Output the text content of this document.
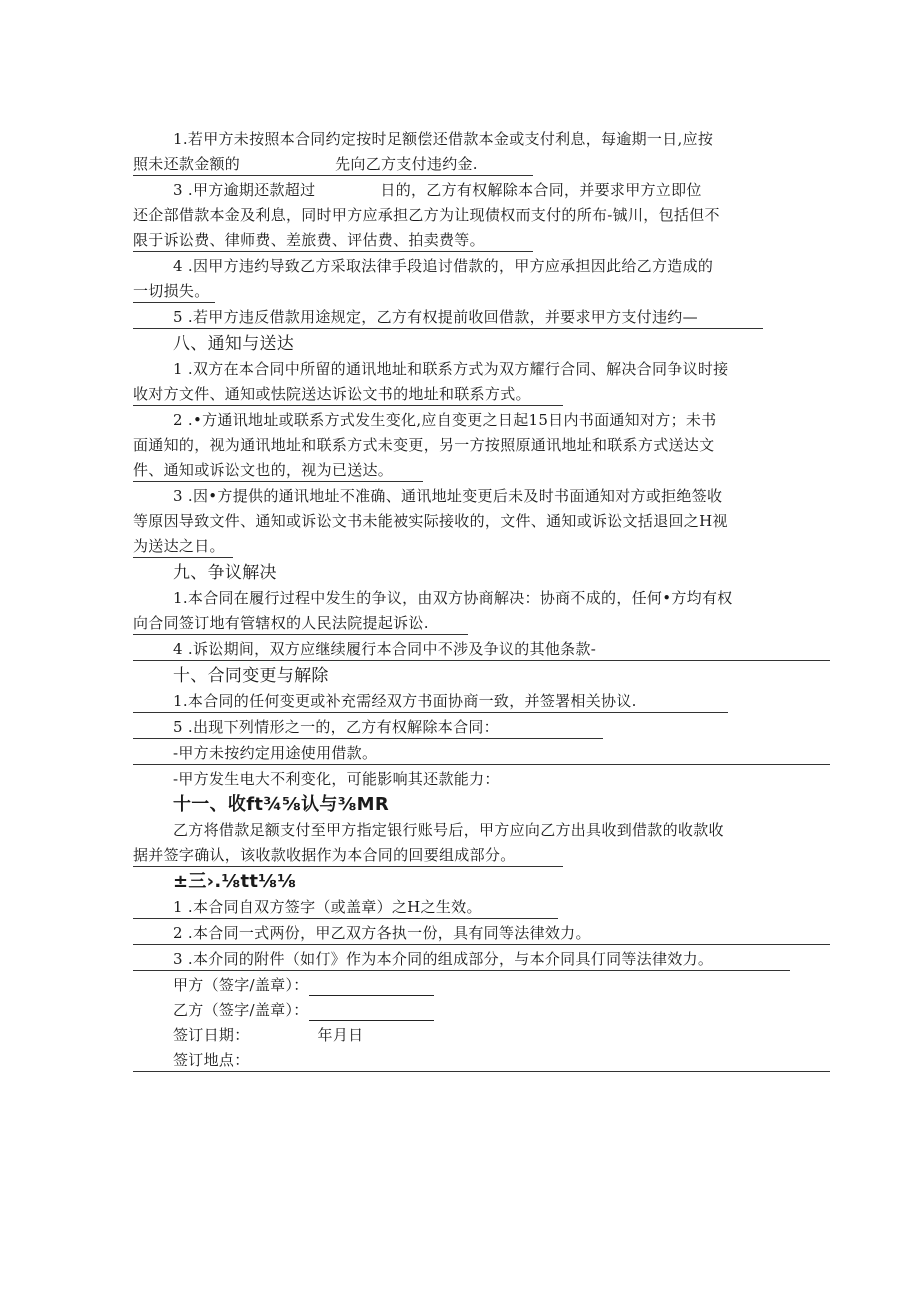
1.若甲方未按照本合同约定按时足额偿还借款本金或支付利息，每逾期一日,应按
照未还款金额的	先向乙方支付违约金.
3 .甲方逾期还款超过	日的，乙方有权解除本合同，并要求甲方立即位
还企部借款本金及利息，同时甲方应承担乙方为让现债权而支付的所布-铖川，包括但不
限于诉讼费、律师费、差旅费、评估费、拍卖费等。
4 .因甲方违约导致乙方采取法律手段追讨借款的，甲方应承担因此给乙方造成的
一切损失。
5 .若甲方违反借款用途规定，乙方有权提前收回借款，并要求甲方支付违约—
八、通知与送达
1 .双方在本合同中所留的通讯地址和联系方式为双方耀行合同、解决合同争议时接
收对方文件、通知或怯院送达诉讼文书的地址和联系方式。
2 .•方通讯地址或联系方式发生变化,应自变更之日起15日内书面通知对方；未书
面通知的，视为通讯地址和联系方式未变更，另一方按照原通讯地址和联系方式送达文
件、通知或诉讼文也的，视为已送达。
3 .因•方提供的通讯地址不准确、通讯地址变更后未及时书面通知对方或拒绝签收
等原因导致文件、通知或诉讼文书未能被实际接收的，文件、通知或诉讼文括退回之H视
为送达之日。
九、争议解决
1.本合同在履行过程中发生的争议，由双方协商解决：协商不成的，任何•方均有权
向合同签订地有管辖权的人民法院提起诉讼.
4 .诉讼期间，双方应继续履行本合同中不涉及争议的其他条款-
十、合同变更与解除
1.本合同的任何变更或补充需经双方书面协商一致，并签署相关协议.
5 .出现下列情形之一的，乙方有权解除本合同：
-甲方未按约定用途使用借款。
-甲方发生电大不利变化，可能影响其还款能力：
十一、收ft¾⅝认与⅜MR
乙方将借款足额支付至甲方指定银行账号后，甲方应向乙方出具收到借款的收款收
据并签字确认，该收款收据作为本合同的回要组成部分。
±三›.⅛tt⅛⅛
1 .本合同自双方签字（或盖章）之H之生效。
2 .本合同一式两份，甲乙双方各执一份，具有同等法律效力。
3 .本介同的附件（如仃》作为本介同的组成部分，与本介同具仃同等法律效力。
甲方（签字/盖章）：
乙方（签字/盖章）：
签订日期：	年月日
签订地点：
